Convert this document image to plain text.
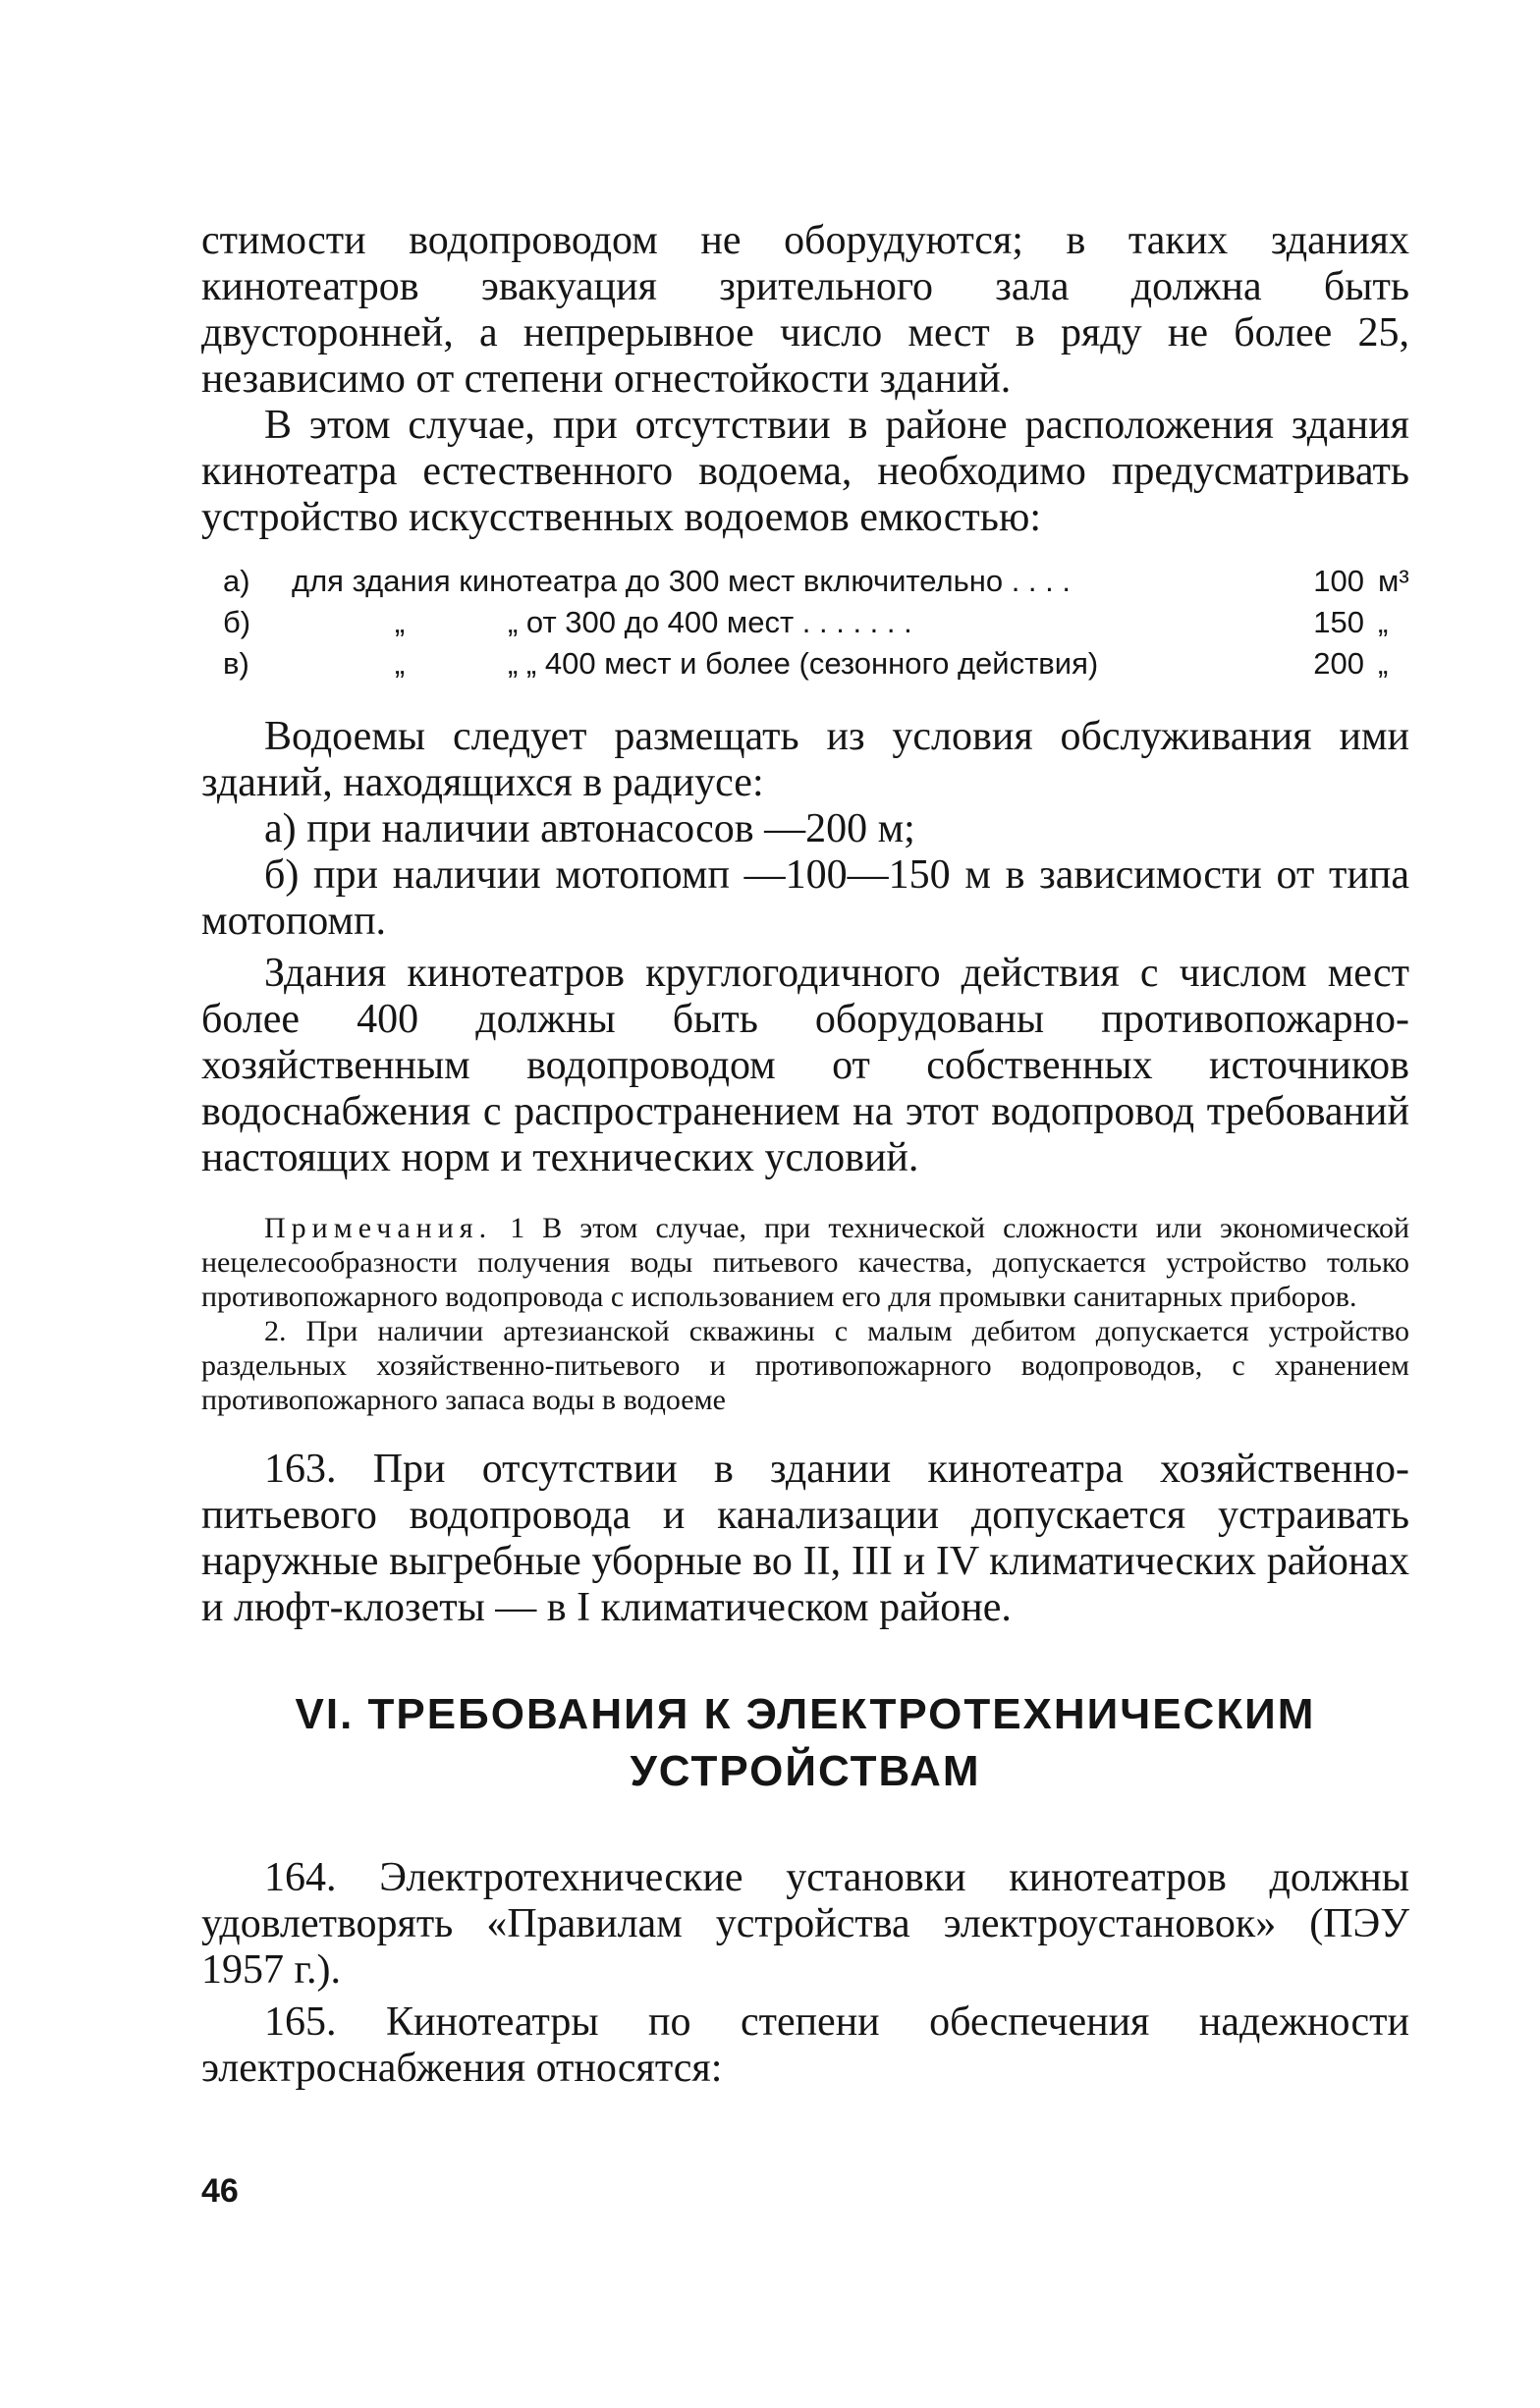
стимости водопроводом не оборудуются; в таких зданиях кинотеатров эвакуация зрительного зала должна быть двусторонней, а непрерывное число мест в ряду не более 25, независимо от степени огнестойкости зданий.

В этом случае, при отсутствии в районе расположения здания кинотеатра естественного водоема, необходимо предусматривать устройство искусственных водоемов емкостью:

а)	для здания кинотеатра до 300 мест включительно . . . .	100 м³
б)	„	„ от 300 до 400 мест . . . . . . .	150 „
в)	„	„ „ 400 мест и более (сезонного действия)	200 „

Водоемы следует размещать из условия обслуживания ими зданий, находящихся в радиусе:

а) при наличии автонасосов —200 м;

б) при наличии мотопомп —100—150 м в зависимости от типа мотопомп.

Здания кинотеатров круглогодичного действия с числом мест более 400 должны быть оборудованы противопожарно-хозяйственным водопроводом от собственных источников водоснабжения с распространением на этот водопровод требований настоящих норм и технических условий.

Примечания. 1 В этом случае, при технической сложности или экономической нецелесообразности получения воды питьевого качества, допускается устройство только противопожарного водопровода с использованием его для промывки санитарных приборов.

2. При наличии артезианской скважины с малым дебитом допускается устройство раздельных хозяйственно-питьевого и противопожарного водопроводов, с хранением противопожарного запаса воды в водоеме

163. При отсутствии в здании кинотеатра хозяйственно-питьевого водопровода и канализации допускается устраивать наружные выгребные уборные во II, III и IV климатических районах и люфт-клозеты — в I климатическом районе.

VI. ТРЕБОВАНИЯ К ЭЛЕКТРОТЕХНИЧЕСКИМ

УСТРОЙСТВАМ

164. Электротехнические установки кинотеатров должны удовлетворять «Правилам устройства электроустановок» (ПЭУ 1957 г.).

165. Кинотеатры по степени обеспечения надежности электроснабжения относятся:

46
